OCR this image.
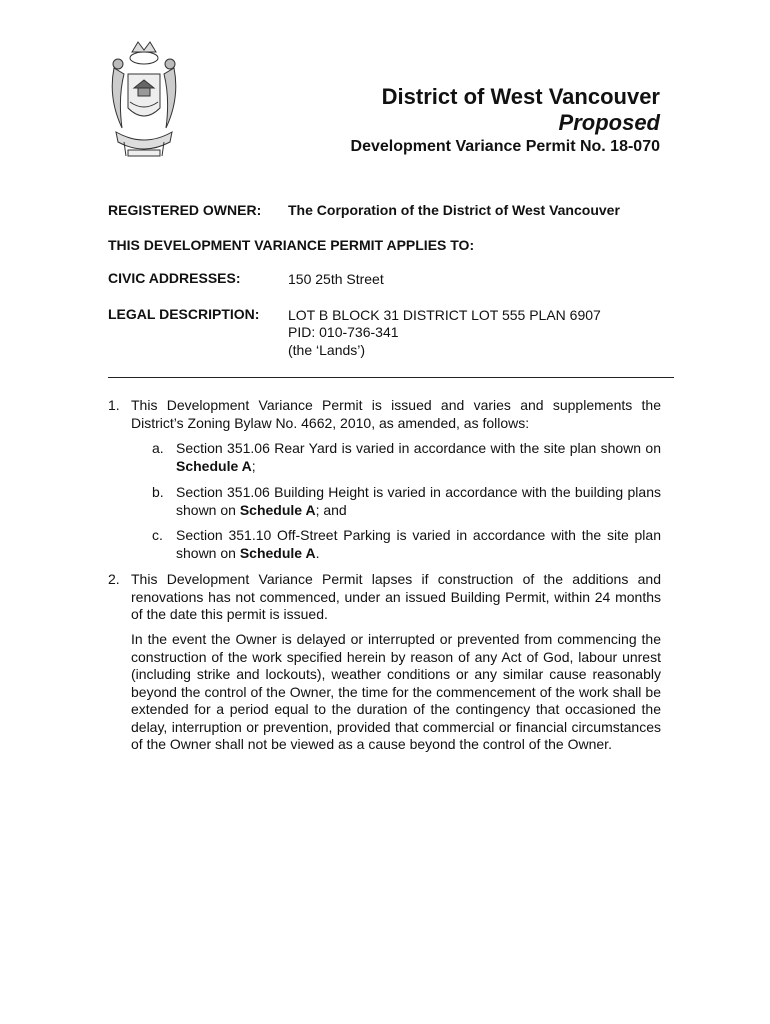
District of West Vancouver
Proposed
Development Variance Permit No. 18-070
REGISTERED OWNER: The Corporation of the District of West Vancouver
THIS DEVELOPMENT VARIANCE PERMIT APPLIES TO:
CIVIC ADDRESSES:	150 25th Street
LEGAL DESCRIPTION: LOT B BLOCK 31 DISTRICT LOT 555 PLAN 6907
PID: 010-736-341
(the ‘Lands’)
1. This Development Variance Permit is issued and varies and supplements the District’s Zoning Bylaw No. 4662, 2010, as amended, as follows:
a. Section 351.06 Rear Yard is varied in accordance with the site plan shown on Schedule A;
b. Section 351.06 Building Height is varied in accordance with the building plans shown on Schedule A; and
c. Section 351.10 Off-Street Parking is varied in accordance with the site plan shown on Schedule A.
2. This Development Variance Permit lapses if construction of the additions and renovations has not commenced, under an issued Building Permit, within 24 months of the date this permit is issued.
In the event the Owner is delayed or interrupted or prevented from commencing the construction of the work specified herein by reason of any Act of God, labour unrest (including strike and lockouts), weather conditions or any similar cause reasonably beyond the control of the Owner, the time for the commencement of the work shall be extended for a period equal to the duration of the contingency that occasioned the delay, interruption or prevention, provided that commercial or financial circumstances of the Owner shall not be viewed as a cause beyond the control of the Owner.
